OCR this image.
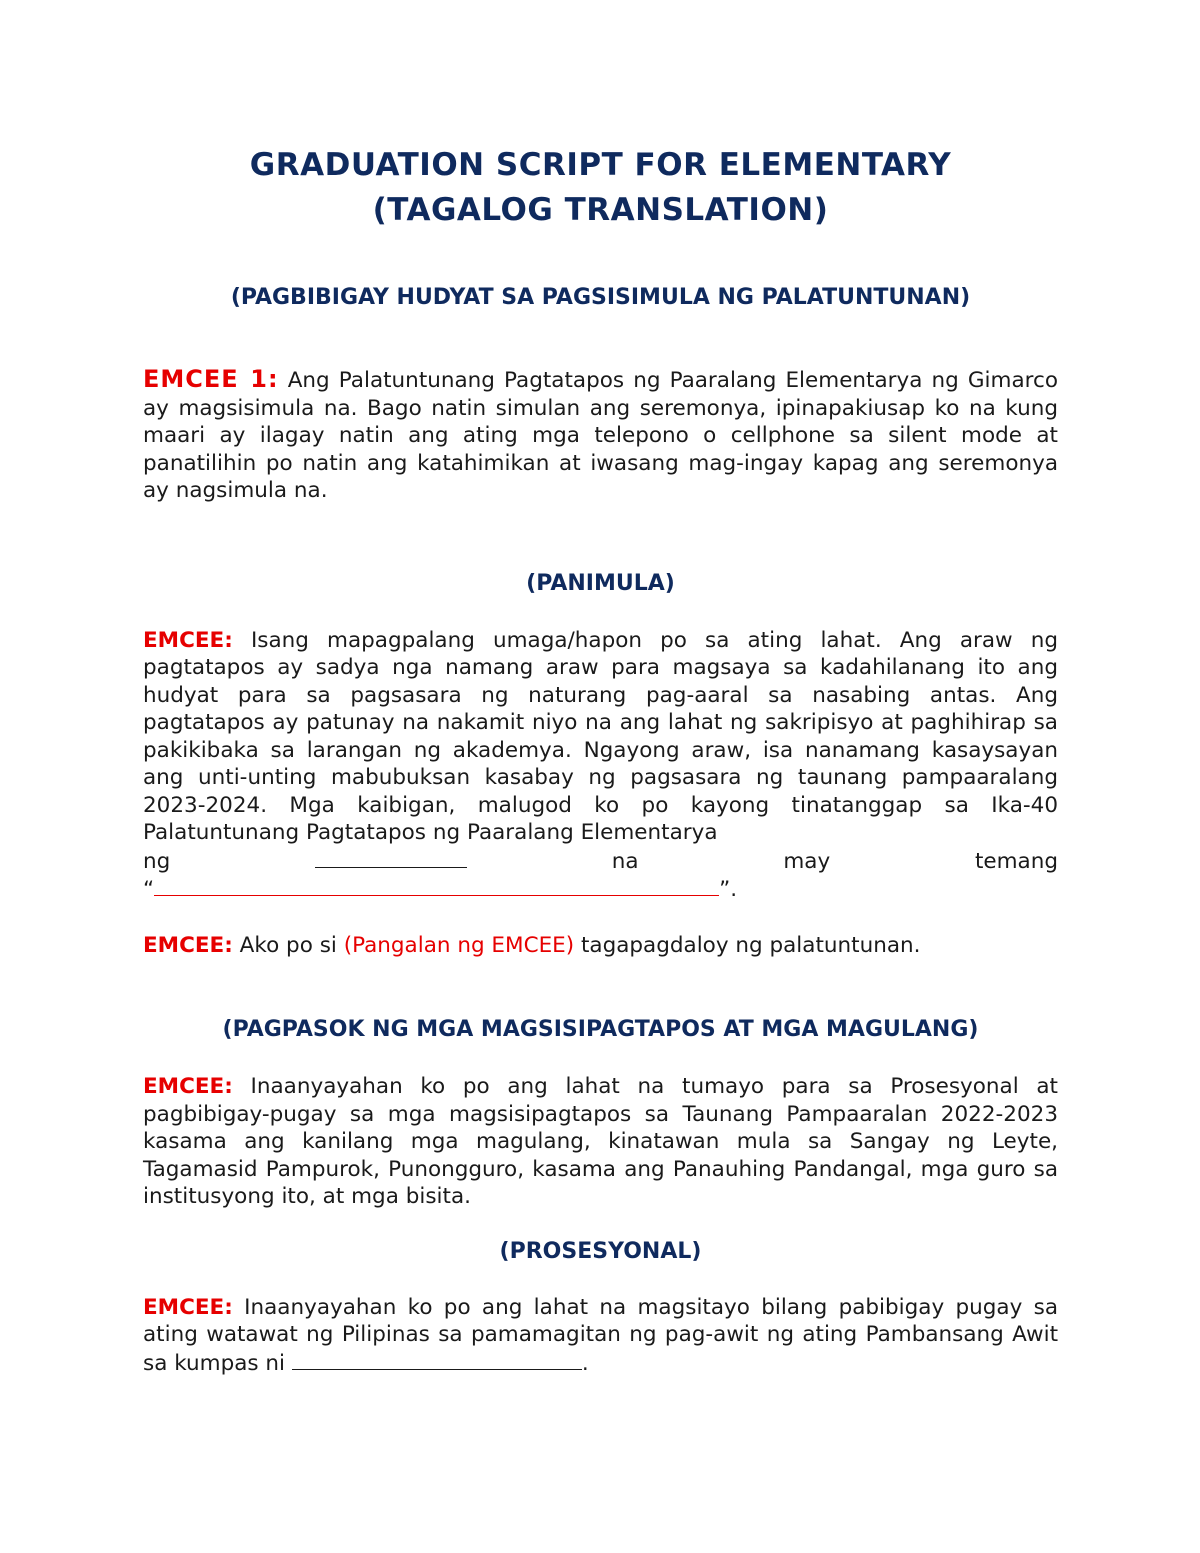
GRADUATION SCRIPT FOR ELEMENTARY

(TAGALOG TRANSLATION)

(PAGBIBIGAY HUDYAT SA PAGSISIMULA NG PALATUNTUNAN)

EMCEE 1: Ang Palatuntunang Pagtatapos ng Paaralang Elementarya ng Gimarco ay magsisimula na. Bago natin simulan ang seremonya, ipinapakiusap ko na kung maari ay ilagay natin ang ating mga telepono o cellphone sa silent mode at panatilihin po natin ang katahimikan at iwasang mag-ingay kapag ang seremonya ay nagsimula na.

(PANIMULA)

EMCEE: Isang mapagpalang umaga/hapon po sa ating lahat. Ang araw ng pagtatapos ay sadya nga namang araw para magsaya sa kadahilanang ito ang hudyat para sa pagsasara ng naturang pag-aaral sa nasabing antas. Ang pagtatapos ay patunay na nakamit niyo na ang lahat ng sakripisyo at paghihirap sa pakikibaka sa larangan ng akademya. Ngayong araw, isa nanamang kasaysayan ang unti-unting mabubuksan kasabay ng pagsasara ng taunang pampaaralang 2023-2024. Mga kaibigan, malugod ko po kayong tinatanggap sa Ika-40 Palatuntunang Pagtatapos ng Paaralang Elementarya

ng	na	may	temang
“	”.

EMCEE: Ako po si (Pangalan ng EMCEE) tagapagdaloy ng palatuntunan.

(PAGPASOK NG MGA MAGSISIPAGTAPOS AT MGA MAGULANG)

EMCEE: Inaanyayahan ko po ang lahat na tumayo para sa Prosesyonal at pagbibigay-pugay sa mga magsisipagtapos sa Taunang Pampaaralan 2022-2023 kasama ang kanilang mga magulang, kinatawan mula sa Sangay ng Leyte, Tagamasid Pampurok, Punongguro, kasama ang Panauhing Pandangal, mga guro sa institusyong ito, at mga bisita.

(PROSESYONAL)

EMCEE: Inaanyayahan ko po ang lahat na magsitayo bilang pabibigay pugay sa ating watawat ng Pilipinas sa pamamagitan ng pag-awit ng ating Pambansang Awit sa kumpas ni	.
